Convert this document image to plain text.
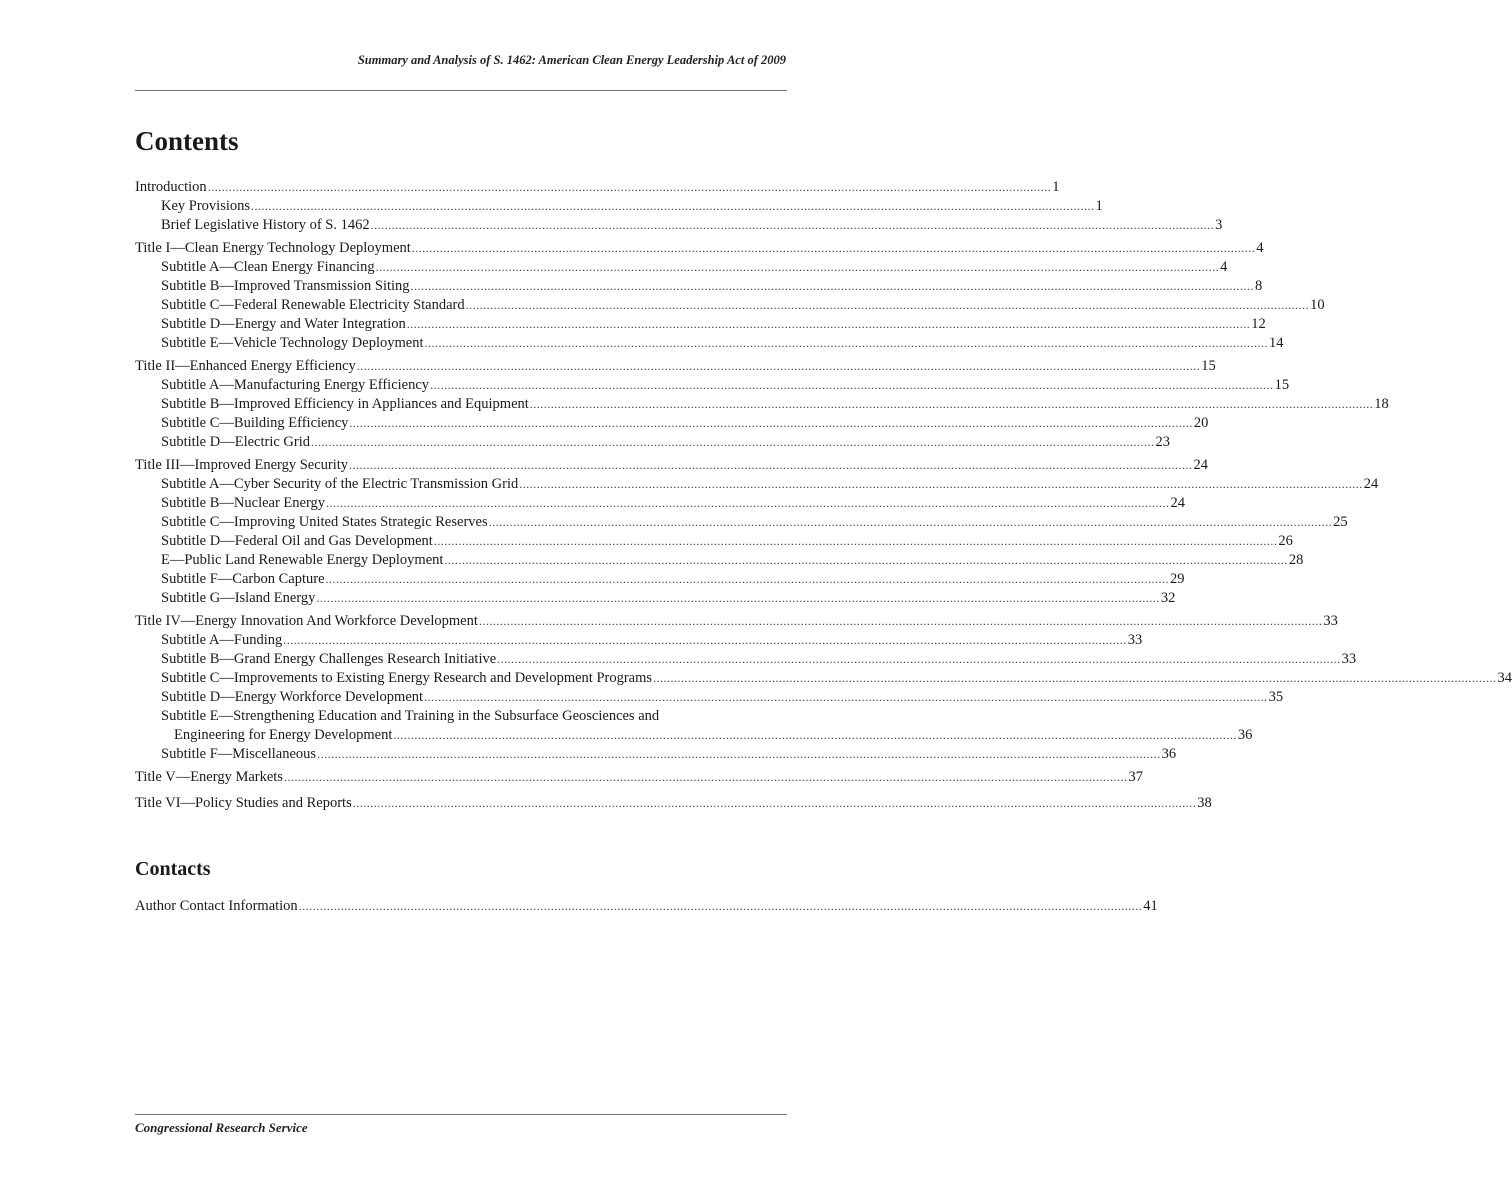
Summary and Analysis of S. 1462: American Clean Energy Leadership Act of 2009
Contents
Introduction ................................................................................................................................................................................................................................................. 1
Key Provisions ................................................................................................................................................................................................................................................. 1
Brief Legislative History of S. 1462 ................................................................................................................................................................................................................................................. 3
Title I—Clean Energy Technology Deployment ................................................................................................................................................................................................................................................. 4
Subtitle A—Clean Energy Financing ................................................................................................................................................................................................................................................. 4
Subtitle B—Improved Transmission Siting ................................................................................................................................................................................................................................................. 8
Subtitle C—Federal Renewable Electricity Standard ................................................................................................................................................................................................................................................. 10
Subtitle D—Energy and Water Integration ................................................................................................................................................................................................................................................. 12
Subtitle E—Vehicle Technology Deployment ................................................................................................................................................................................................................................................. 14
Title II—Enhanced Energy Efficiency ................................................................................................................................................................................................................................................. 15
Subtitle A—Manufacturing Energy Efficiency ................................................................................................................................................................................................................................................. 15
Subtitle B—Improved Efficiency in Appliances and Equipment ................................................................................................................................................................................................................................................. 18
Subtitle C—Building Efficiency ................................................................................................................................................................................................................................................. 20
Subtitle D—Electric Grid ................................................................................................................................................................................................................................................. 23
Title III—Improved Energy Security ................................................................................................................................................................................................................................................. 24
Subtitle A—Cyber Security of the Electric Transmission Grid ................................................................................................................................................................................................................................................. 24
Subtitle B—Nuclear Energy ................................................................................................................................................................................................................................................. 24
Subtitle C—Improving United States Strategic Reserves ................................................................................................................................................................................................................................................. 25
Subtitle D—Federal Oil and Gas Development ................................................................................................................................................................................................................................................. 26
E—Public Land Renewable Energy Deployment ................................................................................................................................................................................................................................................. 28
Subtitle F—Carbon Capture ................................................................................................................................................................................................................................................. 29
Subtitle G—Island Energy ................................................................................................................................................................................................................................................. 32
Title IV—Energy Innovation And Workforce Development ................................................................................................................................................................................................................................................. 33
Subtitle A—Funding ................................................................................................................................................................................................................................................. 33
Subtitle B—Grand Energy Challenges Research Initiative ................................................................................................................................................................................................................................................. 33
Subtitle C—Improvements to Existing Energy Research and Development Programs ................................................................................................................................................................................................................................................. 34
Subtitle D—Energy Workforce Development ................................................................................................................................................................................................................................................. 35
Subtitle E—Strengthening Education and Training in the Subsurface Geosciences and
Engineering for Energy Development ................................................................................................................................................................................................................................................. 36
Subtitle F—Miscellaneous ................................................................................................................................................................................................................................................. 36
Title V—Energy Markets ................................................................................................................................................................................................................................................. 37
Title VI—Policy Studies and Reports ................................................................................................................................................................................................................................................. 38
Contacts
Author Contact Information ................................................................................................................................................................................................................................................. 41
Congressional Research Service
